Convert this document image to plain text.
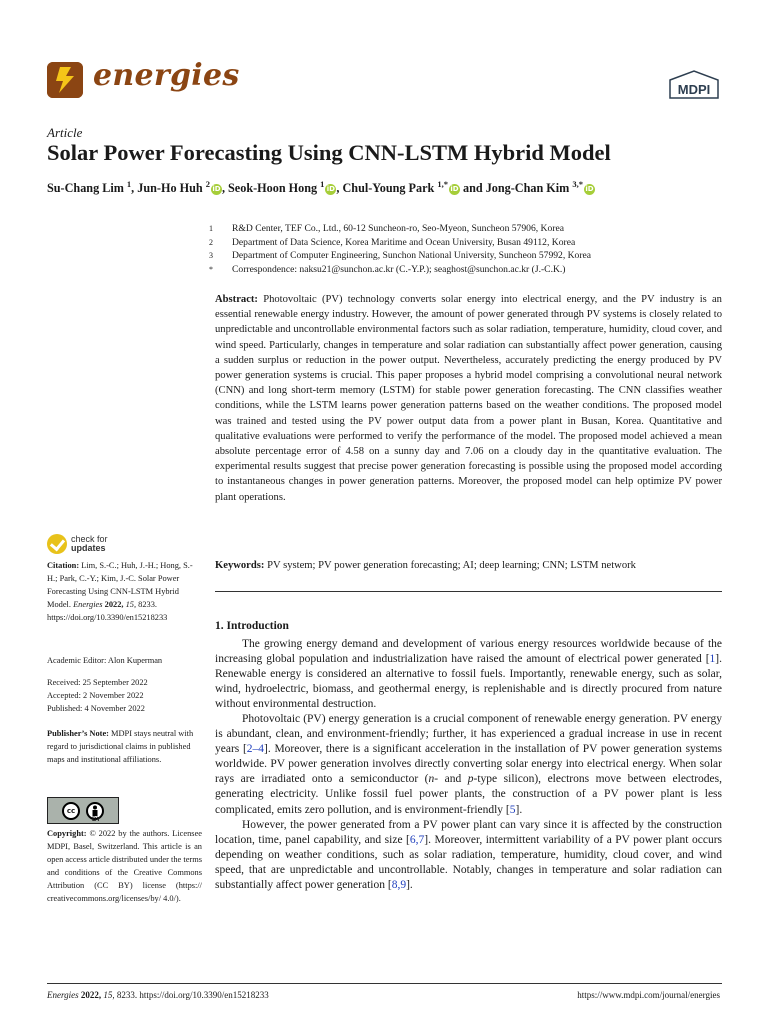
energies	MDPI
Article
Solar Power Forecasting Using CNN-LSTM Hybrid Model
Su-Chang Lim $^1$, Jun-Ho Huh $^2$iD, Seok-Hoon Hong $^1$iD, Chul-Young Park $^{1,*}$iD and Jong-Chan Kim $^{3,*}$iD
1	R&D Center, TEF Co., Ltd., 60-12 Suncheon-ro, Seo-Myeon, Suncheon 57906, Korea
2	Department of Data Science, Korea Maritime and Ocean University, Busan 49112, Korea
3	Department of Computer Engineering, Sunchon National University, Suncheon 57992, Korea
*	Correspondence: naksu21@sunchon.ac.kr (C.-Y.P.); seaghost@sunchon.ac.kr (J.-C.K.)
Abstract: Photovoltaic (PV) technology converts solar energy into electrical energy, and the PV industry is an essential renewable energy industry. However, the amount of power generated through PV systems is closely related to unpredictable and uncontrollable environmental factors such as solar radiation, temperature, humidity, cloud cover, and wind speed. Particularly, changes in temperature and solar radiation can substantially affect power generation, causing a sudden surplus or reduction in the power output. Nevertheless, accurately predicting the energy produced by PV power generation systems is crucial. This paper proposes a hybrid model comprising a convolutional neural network (CNN) and long short-term memory (LSTM) for stable power generation forecasting. The CNN classifies weather conditions, while the LSTM learns power generation patterns based on the weather conditions. The proposed model was trained and tested using the PV power output data from a power plant in Busan, Korea. Quantitative and qualitative evaluations were performed to verify the performance of the model. The proposed model achieved a mean absolute percentage error of 4.58 on a sunny day and 7.06 on a cloudy day in the quantitative evaluation. The experimental results suggest that precise power generation forecasting is possible using the proposed model according to instantaneous changes in power generation patterns. Moreover, the proposed model can help optimize PV power plant operations.
Keywords: PV system; PV power generation forecasting; AI; deep learning; CNN; LSTM network
check for
updates
Citation: Lim, S.-C.; Huh, J.-H.; Hong, S.-H.; Park, C.-Y.; Kim, J.-C. Solar Power Forecasting Using CNN-LSTM Hybrid Model. Energies 2022, 15, 8233. https://doi.org/10.3390/en15218233
Academic Editor: Alon Kuperman
Received: 25 September 2022
Accepted: 2 November 2022
Published: 4 November 2022
Publisher’s Note: MDPI stays neutral with regard to jurisdictional claims in published maps and institutional affiliations.
cc
BY
Copyright: © 2022 by the authors. Licensee MDPI, Basel, Switzerland. This article is an open access article distributed under the terms and conditions of the Creative Commons Attribution (CC BY) license (https:// creativecommons.org/licenses/by/ 4.0/).
1. Introduction

The growing energy demand and development of various energy resources worldwide because of the increasing global population and industrialization have raised the amount of electrical power generated [1]. Renewable energy is considered an alternative to fossil fuels. Importantly, renewable energy, such as solar, wind, hydroelectric, biomass, and geothermal energy, is replenishable and is directly procured from nature without environmental destruction.

Photovoltaic (PV) energy generation is a crucial component of renewable energy generation. PV energy is abundant, clean, and environment-friendly; further, it has experienced a gradual increase in use in recent years [2–4]. Moreover, there is a significant acceleration in the installation of PV power generation systems worldwide. PV power generation involves directly converting solar energy into electrical energy. When solar rays are irradiated onto a semiconductor (n- and p-type silicon), electrons move between electrodes, generating electricity. Unlike fossil fuel power plants, the construction of a PV power plant is less complicated, emits zero pollution, and is environment-friendly [5].

However, the power generated from a PV power plant can vary since it is affected by the construction location, time, panel capability, and size [6,7]. Moreover, intermittent variability of a PV power plant occurs depending on weather conditions, such as solar radiation, temperature, humidity, cloud cover, and wind speed, that are unpredictable and uncontrollable. Notably, changes in temperature and solar radiation can substantially affect power generation [8,9].

Energies 2022, 15, 8233. https://doi.org/10.3390/en15218233	https://www.mdpi.com/journal/energies
